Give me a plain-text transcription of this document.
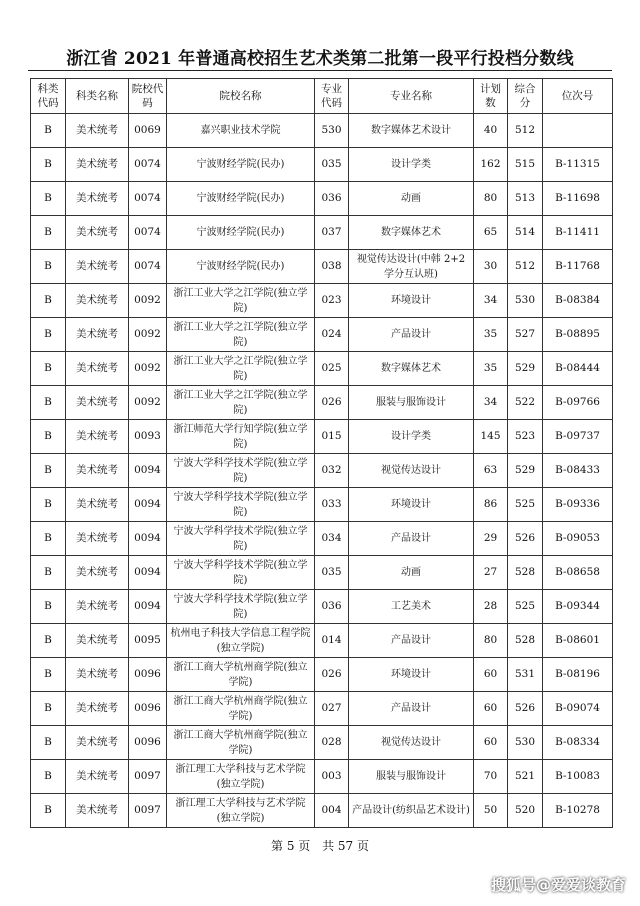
浙江省 2021 年普通高校招生艺术类第二批第一段平行投档分数线
科类代码	科类名称	院校代码	院校名称	专业代码	专业名称	计划数	综合分	位次号
B	美术统考	0069	嘉兴职业技术学院	530	数字媒体艺术设计	40	512	
B	美术统考	0074	宁波财经学院(民办)	035	设计学类	162	515	B-11315
B	美术统考	0074	宁波财经学院(民办)	036	动画	80	513	B-11698
B	美术统考	0074	宁波财经学院(民办)	037	数字媒体艺术	65	514	B-11411
B	美术统考	0074	宁波财经学院(民办)	038	视觉传达设计(中韩 2+2 学分互认班)	30	512	B-11768
B	美术统考	0092	浙江工业大学之江学院(独立学院)	023	环境设计	34	530	B-08384
B	美术统考	0092	浙江工业大学之江学院(独立学院)	024	产品设计	35	527	B-08895
B	美术统考	0092	浙江工业大学之江学院(独立学院)	025	数字媒体艺术	35	529	B-08444
B	美术统考	0092	浙江工业大学之江学院(独立学院)	026	服装与服饰设计	34	522	B-09766
B	美术统考	0093	浙江师范大学行知学院(独立学院)	015	设计学类	145	523	B-09737
B	美术统考	0094	宁波大学科学技术学院(独立学院)	032	视觉传达设计	63	529	B-08433
B	美术统考	0094	宁波大学科学技术学院(独立学院)	033	环境设计	86	525	B-09336
B	美术统考	0094	宁波大学科学技术学院(独立学院)	034	产品设计	29	526	B-09053
B	美术统考	0094	宁波大学科学技术学院(独立学院)	035	动画	27	528	B-08658
B	美术统考	0094	宁波大学科学技术学院(独立学院)	036	工艺美术	28	525	B-09344
B	美术统考	0095	杭州电子科技大学信息工程学院(独立学院)	014	产品设计	80	528	B-08601
B	美术统考	0096	浙江工商大学杭州商学院(独立学院)	026	环境设计	60	531	B-08196
B	美术统考	0096	浙江工商大学杭州商学院(独立学院)	027	产品设计	60	526	B-09074
B	美术统考	0096	浙江工商大学杭州商学院(独立学院)	028	视觉传达设计	60	530	B-08334
B	美术统考	0097	浙江理工大学科技与艺术学院(独立学院)	003	服装与服饰设计	70	521	B-10083
B	美术统考	0097	浙江理工大学科技与艺术学院(独立学院)	004	产品设计(纺织品艺术设计)	50	520	B-10278
第 5 页 共 57 页
搜狐号@爱爱谈教育
